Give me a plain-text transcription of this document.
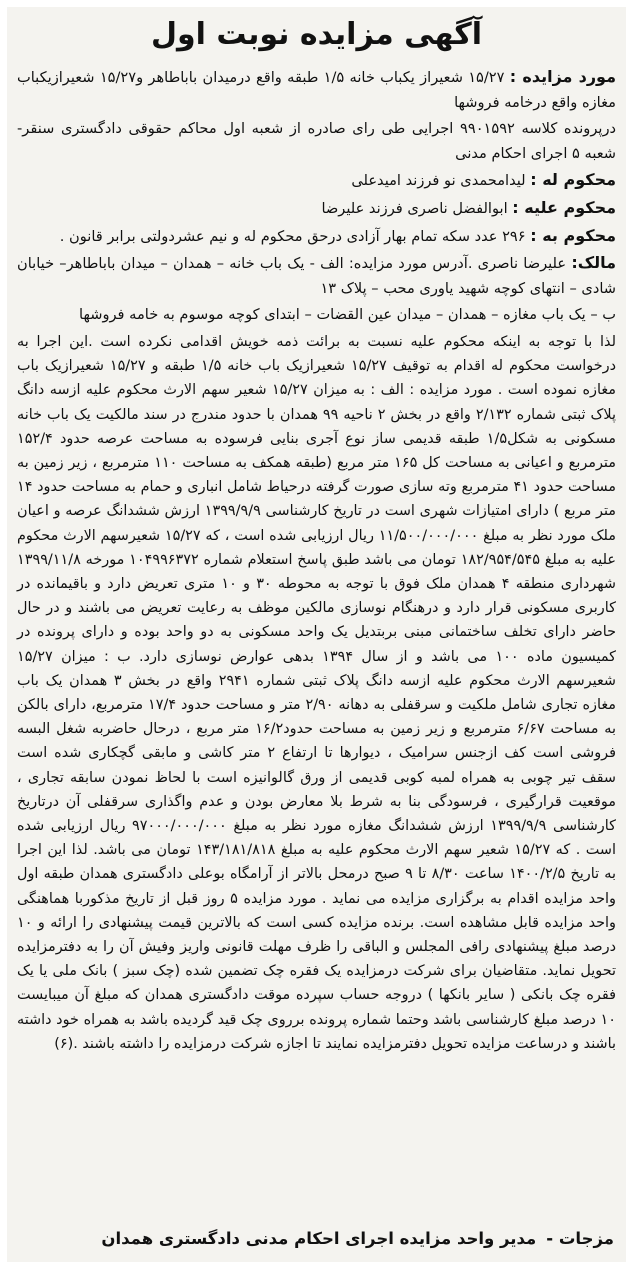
آگهی مزایده نوبت اول

مورد مزایده : ۱۵/۲۷ شعیراز یکباب خانه ۱/۵ طبقه واقع درمیدان باباطاهر و۱۵/۲۷ شعیرازیکباب مغازه واقع درخامه فروشها

درپرونده کلاسه ۹۹۰۱۵۹۲ اجرایی طی رای صادره از شعبه اول محاکم حقوقی دادگستری سنقر- شعبه ۵ اجرای احکام مدنی

محکوم له : لیدامحمدی نو فرزند امیدعلی

محکوم علیه : ابوالفضل ناصری فرزند علیرضا

محکوم به : ۲۹۶ عدد سکه تمام بهار آزادی درحق محکوم له و نیم عشردولتی برابر قانون .

مالک: علیرضا ناصری .آدرس مورد مزایده: الف - یک باب خانه – همدان – میدان باباطاهر– خیابان شادی – انتهای کوچه شهید یاوری محب – پلاک ۱۳

ب – یک باب مغازه – همدان – میدان عین القضات – ابتدای کوچه موسوم به خامه فروشها

لذا با توجه به اینکه محکوم علیه نسبت به برائت ذمه خویش اقدامی نکرده است .این اجرا به درخواست محکوم له اقدام به توقیف ۱۵/۲۷ شعیرازیک باب خانه ۱/۵ طبقه و ۱۵/۲۷ شعیرازیک باب مغازه نموده است . مورد مزایده : الف : به میزان ۱۵/۲۷ شعیر سهم الارث محکوم علیه ازسه دانگ پلاک ثبتی شماره ۲/۱۳۲ واقع در بخش ۲ ناحیه ۹۹ همدان با حدود مندرج در سند مالکیت یک باب خانه مسکونی به شکل۱/۵ طبقه قدیمی ساز نوع آجری بنایی فرسوده به مساحت عرصه حدود ۱۵۲/۴ مترمربع و اعیانی به مساحت کل ۱۶۵ متر مربع (طبقه همکف به مساحت ۱۱۰ مترمربع ، زیر زمین به مساحت حدود ۴۱ مترمربع وته سازی صورت گرفته درحیاط شامل انباری و حمام به مساحت حدود ۱۴ متر مربع ) دارای امتیازات شهری است در تاریخ کارشناسی ۱۳۹۹/۹/۹ ارزش ششدانگ عرصه و اعیان ملک مورد نظر به مبلغ ۱۱/۵۰۰/۰۰۰/۰۰۰ ریال ارزیابی شده است ، که ۱۵/۲۷ شعیرسهم الارث محکوم علیه به مبلغ ۱۸۲/۹۵۴/۵۴۵ تومان می باشد طبق پاسخ استعلام شماره ۱۰۴۹۹۶۳۷۲ مورخه ۱۳۹۹/۱۱/۸ شهرداری منطقه ۴ همدان ملک فوق با توجه به محوطه ۳۰ و ۱۰ متری تعریض دارد و باقیمانده در کاربری مسکونی قرار دارد و درهنگام نوسازی مالکین موظف به رعایت تعریض می باشند و در حال حاضر دارای تخلف ساختمانی مبنی بربتدیل یک واحد مسکونی به دو واحد بوده و دارای پرونده در کمیسیون ماده ۱۰۰ می باشد و از سال ۱۳۹۴ بدهی عوارض نوسازی دارد. ب : میزان ۱۵/۲۷ شعیرسهم الارث محکوم علیه ازسه دانگ پلاک ثبتی شماره ۲۹۴۱ واقع در بخش ۳ همدان یک باب مغازه تجاری شامل ملکیت و سرقفلی به دهانه ۲/۹۰ متر و مساحت حدود ۱۷/۴ مترمربع، دارای بالکن به مساحت ۶/۶۷ مترمربع و زیر زمین به مساحت حدود۱۶/۲ متر مربع ، درحال حاضربه شغل البسه فروشی است کف ازجنس سرامیک ، دیوارها تا ارتفاع ۲ متر کاشی و مابقی گچکاری شده است سقف تیر چوبی به همراه لمبه کوبی قدیمی از ورق گالوانیزه است با لحاظ نمودن سابقه تجاری ، موقعیت قرارگیری ، فرسودگی بنا به شرط بلا معارض بودن و عدم واگذاری سرقفلی آن درتاریخ کارشناسی ۱۳۹۹/۹/۹ ارزش ششدانگ مغازه مورد نظر به مبلغ ۹۷۰۰۰/۰۰۰/۰۰۰ ریال ارزیابی شده است . که ۱۵/۲۷ شعیر سهم الارث محکوم علیه به مبلغ ۱۴۳/۱۸۱/۸۱۸ تومان می باشد. لذا این اجرا به تاریخ ۱۴۰۰/۲/۵ ساعت ۸/۳۰ تا ۹ صبح درمحل بالاتر از آرامگاه بوعلی دادگستری همدان طبقه اول واحد مزایده اقدام به برگزاری مزایده می نماید . مورد مزایده ۵ روز قبل از تاریخ مذکوربا هماهنگی واحد مزایده قابل مشاهده است. برنده مزایده کسی است که بالاترین قیمت پیشنهادی را ارائه و ۱۰ درصد مبلغ پیشنهادی رافی المجلس و الباقی را ظرف مهلت قانونی واریز وفیش آن را به دفترمزایده تحویل نماید. متقاضیان برای شرکت درمزایده یک فقره چک تضمین شده (چک سبز ) بانک ملی یا یک فقره چک بانکی ( سایر بانکها ) دروجه حساب سپرده موقت دادگستری همدان که مبلغ آن میبایست ۱۰ درصد مبلغ کارشناسی باشد وحتما شماره پرونده برروی چک قید گردیده باشد به همراه خود داشته باشند و درساعت مزایده تحویل دفترمزایده نمایند تا اجازه شرکت درمزایده را داشته باشند .(۶)

مزجات -
مدیر واحد مزایده اجرای احکام مدنی دادگستری همدان
